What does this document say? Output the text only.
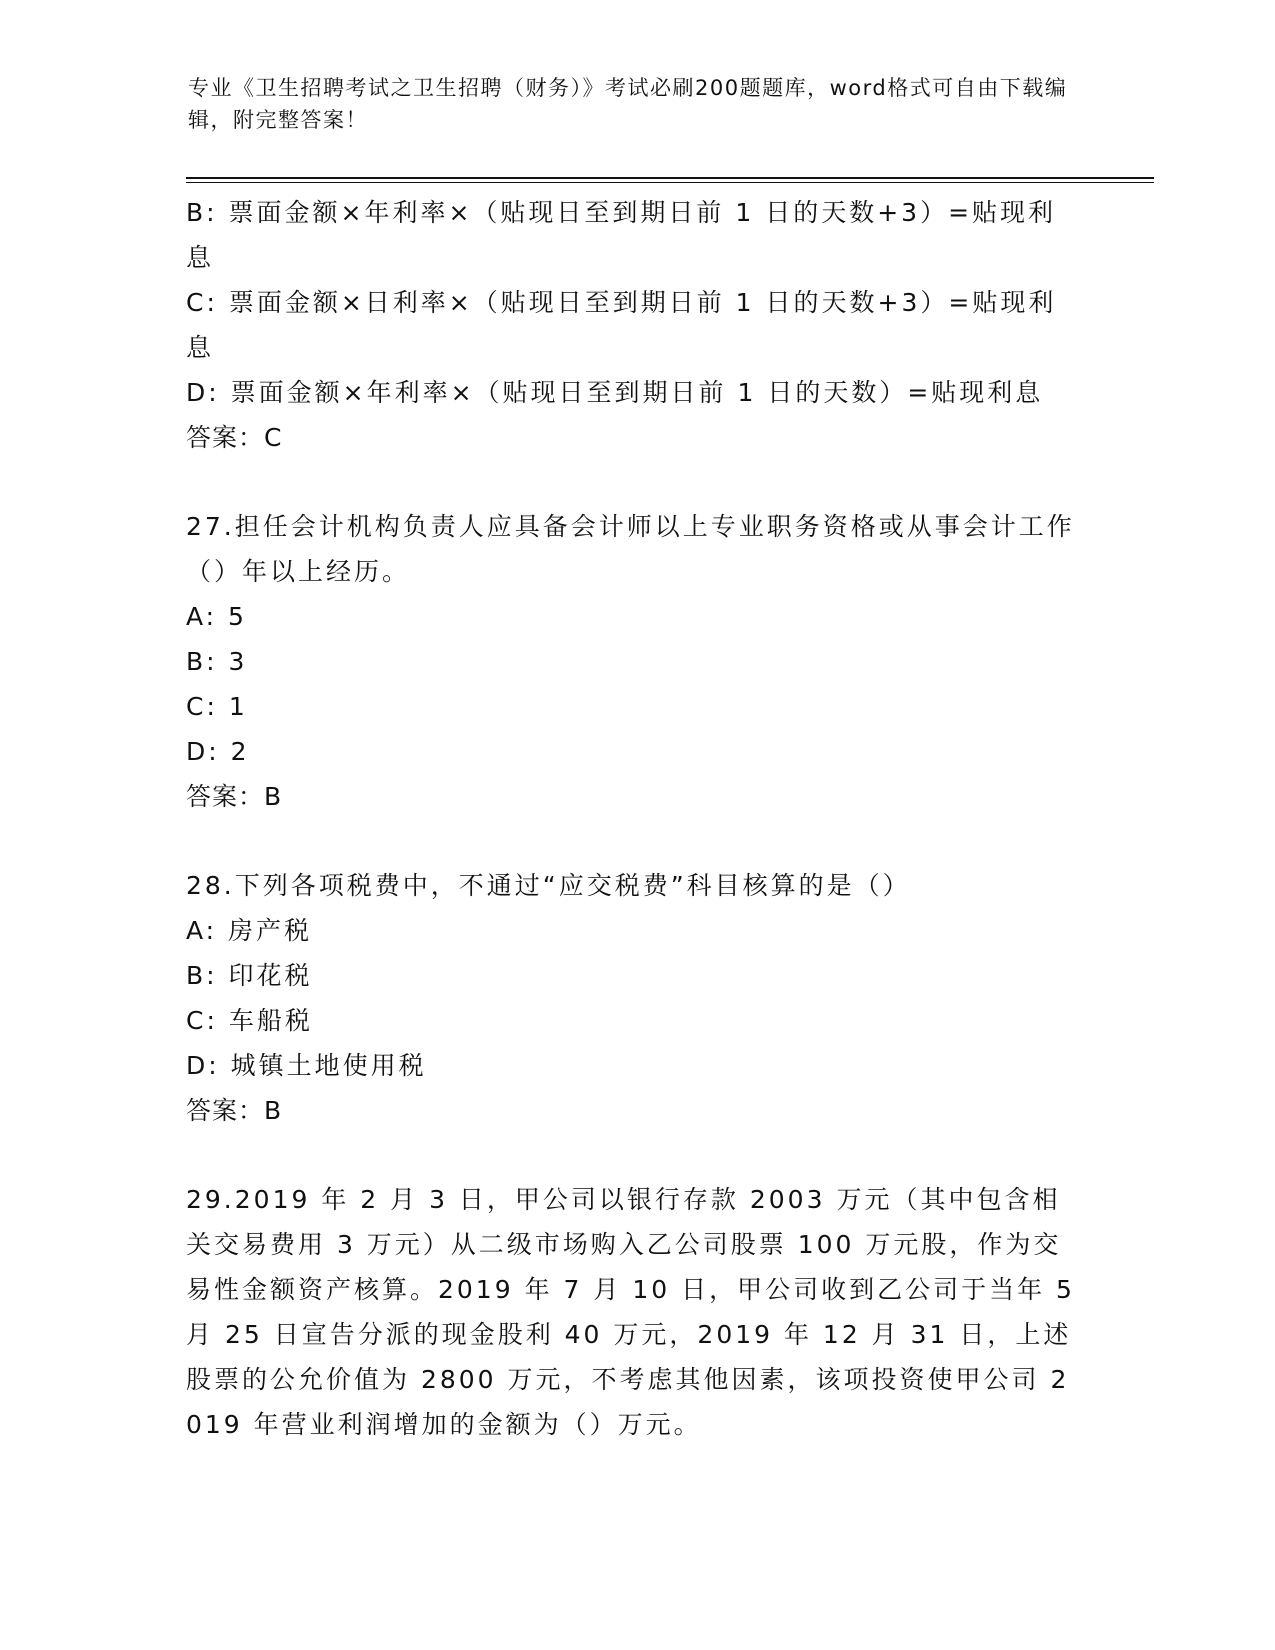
专业《卫生招聘考试之卫生招聘（财务）》考试必刷200题题库，word格式可自由下载编辑，附完整答案！
B: 票面金额×年利率×（贴现日至到期日前 1 日的天数+3）=贴现利息
C: 票面金额×日利率×（贴现日至到期日前 1 日的天数+3）=贴现利息
D: 票面金额×年利率×（贴现日至到期日前 1 日的天数）=贴现利息
答案：C
27.担任会计机构负责人应具备会计师以上专业职务资格或从事会计工作（）年以上经历。
A: 5
B: 3
C: 1
D: 2
答案：B
28.下列各项税费中，不通过“应交税费”科目核算的是（）
A: 房产税
B: 印花税
C: 车船税
D: 城镇土地使用税
答案：B
29.2019 年 2 月 3 日，甲公司以银行存款 2003 万元（其中包含相关交易费用 3 万元）从二级市场购入乙公司股票 100 万元股，作为交易性金额资产核算。2019 年 7 月 10 日，甲公司收到乙公司于当年 5 月 25 日宣告分派的现金股利 40 万元，2019 年 12 月 31 日，上述股票的公允价值为 2800 万元，不考虑其他因素，该项投资使甲公司 2019 年营业利润增加的金额为（）万元。
